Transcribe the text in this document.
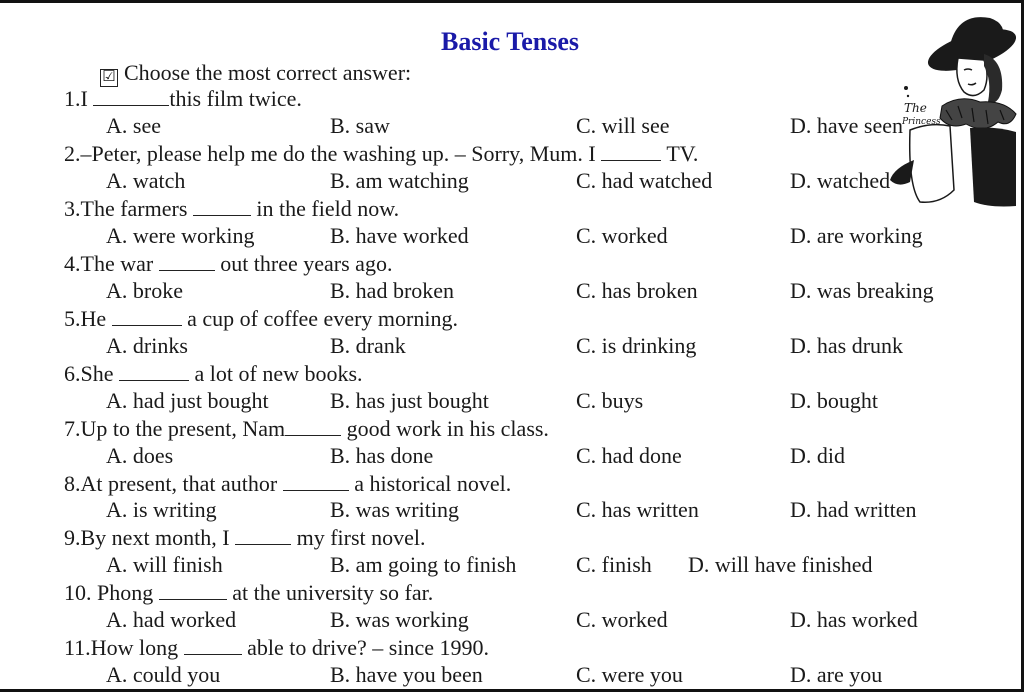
Basic Tenses
☑ Choose the most correct answer:
The
Princess
1.I	this film twice.
A. see	B. saw	C. will see	D. have seen
2.–Peter, please help me do the washing up. – Sorry, Mum. I	TV.
A. watch	B. am watching	C. had watched	D. watched
3.The farmers	in the field now.
A. were working	B. have worked	C. worked	D. are working
4.The war	out three years ago.
A. broke	B. had broken	C. has broken	D. was breaking
5.He	a cup of coffee every morning.
A. drinks	B. drank	C. is drinking	D. has drunk
6.She	a lot of new books.
A. had just bought	B. has just bought	C. buys	D. bought
7.Up to the present, Nam	good work in his class.
A. does	B. has done	C. had done	D. did
8.At present, that author	a historical novel.
A. is writing	B. was writing	C. has written	D. had written
9.By next month, I	my first novel.
A. will finish	B. am going to finish	C. finish D. will have finished
10. Phong	at the university so far.
A. had worked	B. was working	C. worked	D. has worked
11.How long	able to drive? – since 1990.
A. could you	B. have you been	C. were you	D. are you
